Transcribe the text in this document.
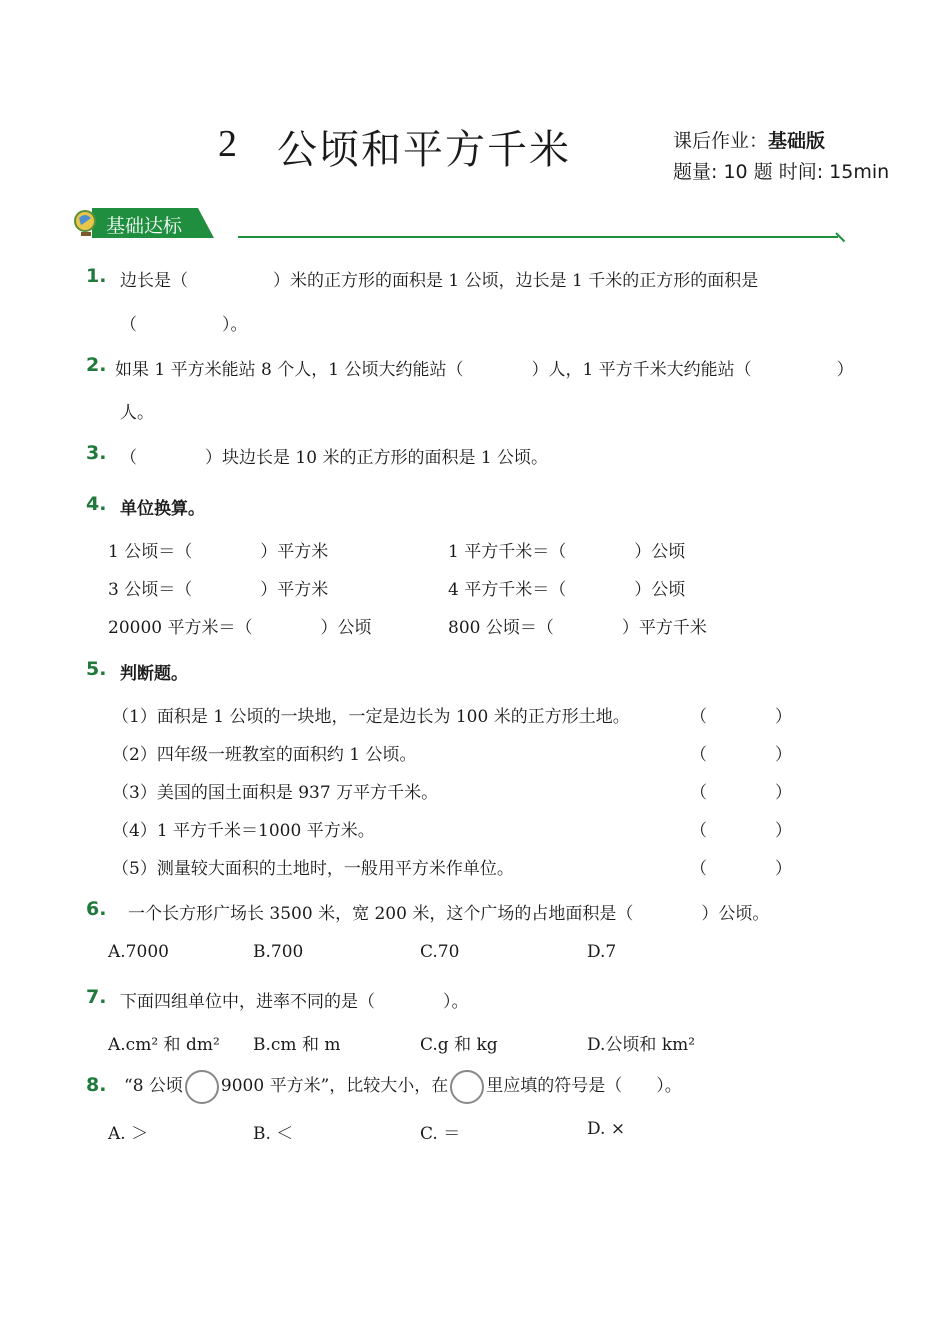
2 公顷和平方千米	课后作业：基础版
题量: 10 题 时间: 15min
基础达标
1. 边长是（　　　　　）米的正方形的面积是 1 公顷，边长是 1 千米的正方形的面积是
（　　　　　）。
2. 如果 1 平方米能站 8 个人，1 公顷大约能站（　　　　）人，1 平方千米大约能站（　　　　　）
人。
3. （　　　　）块边长是 10 米的正方形的面积是 1 公顷。
4. 单位换算。
1 公顷＝（　　　　）平方米	1 平方千米＝（　　　　）公顷
3 公顷＝（　　　　）平方米	4 平方千米＝（　　　　）公顷
20000 平方米＝（　　　　）公顷	800 公顷＝（　　　　）平方千米
5. 判断题。
（1）面积是 1 公顷的一块地，一定是边长为 100 米的正方形土地。	（　　　　）
（2）四年级一班教室的面积约 1 公顷。	（　　　　）
（3）美国的国土面积是 937 万平方千米。	（　　　　）
（4）1 平方千米＝1000 平方米。	（　　　　）
（5）测量较大面积的土地时，一般用平方米作单位。	（　　　　）
6. 一个长方形广场长 3500 米，宽 200 米，这个广场的占地面积是（　　　　）公顷。
A.7000	B.700	C.70	D.7
7. 下面四组单位中，进率不同的是（　　　　）。
A.cm² 和 dm² B.cm 和 m	C.g 和 kg	D.公顷和 km²
8. “8 公顷 9000 平方米”，比较大小，在 里应填的符号是（　　）。
A. ＞	B. ＜	C. ＝	D. ×
